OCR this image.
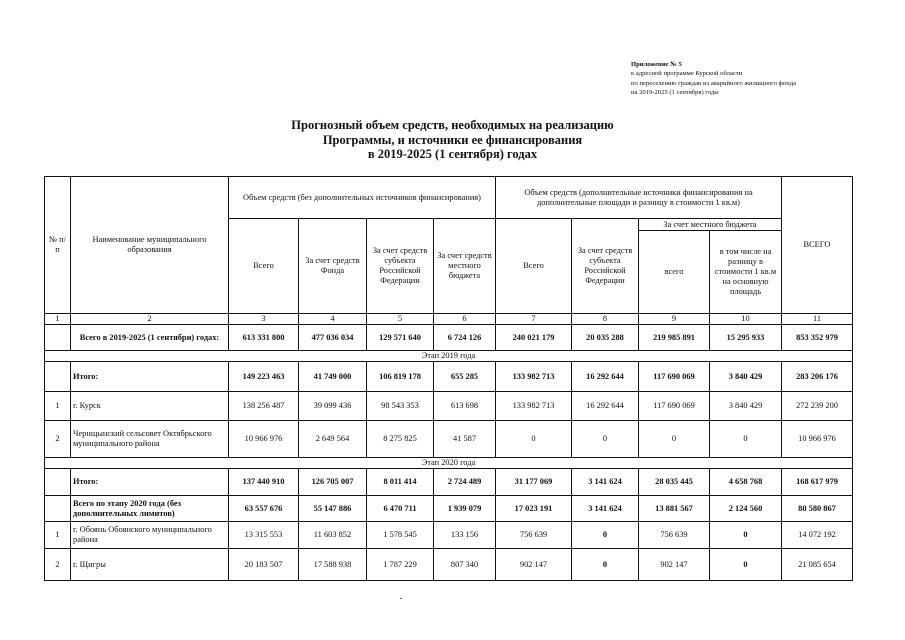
Приложение № 5
к адресной программе Курской области
по переселению граждан из аварийного жилищного фонда
на 2019-2025 (1 сентября) годы
Прогнозный объем средств, необходимых на реализацию
Программы, и источники ее финансирования
в 2019-2025 (1 сентября) годах
№ п/п	Наименование муниципального образования	Объем средств (без дополнительных источников финансирования)				Объем средств (дополнительные источники финансирования на дополнительные площади и разницу в стоимости 1 кв.м)				ВСЕГО
		Всего	За счет средств Фонда	За счет средств субъекта Российской Федерации	За счет средств местного бюджета	Всего	За счет средств субъекта Российской Федерации	За счет местного бюджета		
								всего	в том числе на разницу в стоимости 1 кв.м на основную площадь	
1	2	3	4	5	6	7	8	9	10	11
	Всего в 2019-2025 (1 сентябри) годах:	613 331 800	477 036 034	129 571 640	6 724 126	240 021 179	20 035 288	219 985 891	15 295 933	853 352 979
Этап 2019 года										
	Итого:	149 223 463	41 749 000	106 819 178	655 285	133 982 713	16 292 644	117 690 069	3 840 429	283 206 176
1	г. Курск	138 256 487	39 099 436	98 543 353	613 698	133 982 713	16 292 644	117 690 069	3 840 429	272 239 200
2	Чернщынский сельсовет Октябрьского муниципального района	10 966 976	2 649 564	8 275 825	41 587	0	0	0	0	10 966 976
Этап 2020 года										
	Итого:	137 440 910	126 705 007	8 011 414	2 724 489	31 177 069	3 141 624	28 035 445	4 658 768	168 617 979
	Всего по этапу 2020 года (без дополнительных лимитов)	63 557 676	55 147 886	6 470 711	1 939 079	17 023 191	3 141 624	13 881 567	2 124 560	80 580 867
1	г. Обоянь Обоянского муниципального района	13 315 553	11 603 852	1 578 545	133 156	756 639	0	756 639	0	14 072 192
2	г. Щигры	20 183 507	17 588 938	1 787 229	807 340	902 147	0	902 147	0	21 085 654
